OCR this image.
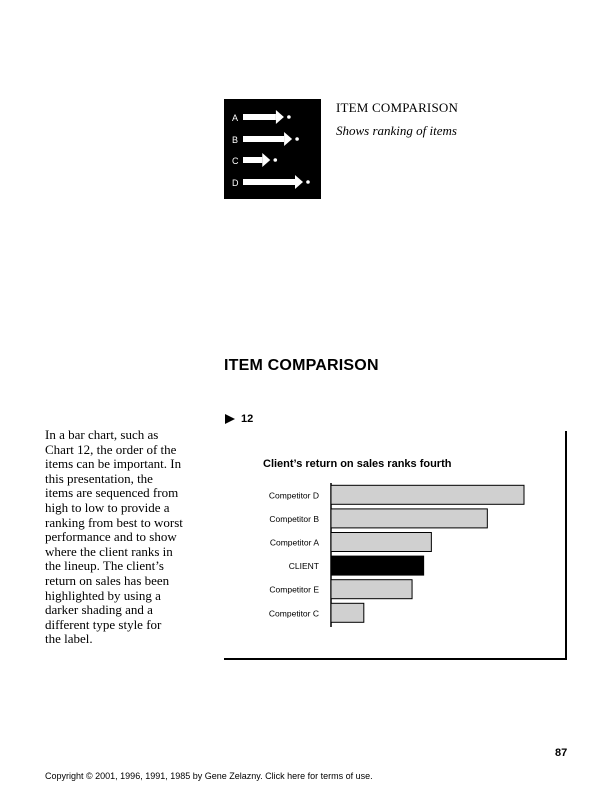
A
B
C
D
ITEM COMPARISON
Shows ranking of items
ITEM COMPARISON
12
In a bar chart, such as
Chart 12, the order of the
items can be important. In
this presentation, the
items are sequenced from
high to low to provide a
ranking from best to worst
performance and to show
where the client ranks in
the lineup. The client’s
return on sales has been
highlighted by using a
darker shading and a
different type style for
the label.
Client’s return on sales ranks fourth
Competitor D
Competitor B
Competitor A
CLIENT
Competitor E
Competitor C
87
Copyright © 2001, 1996, 1991, 1985 by Gene Zelazny. Click here for terms of use.
